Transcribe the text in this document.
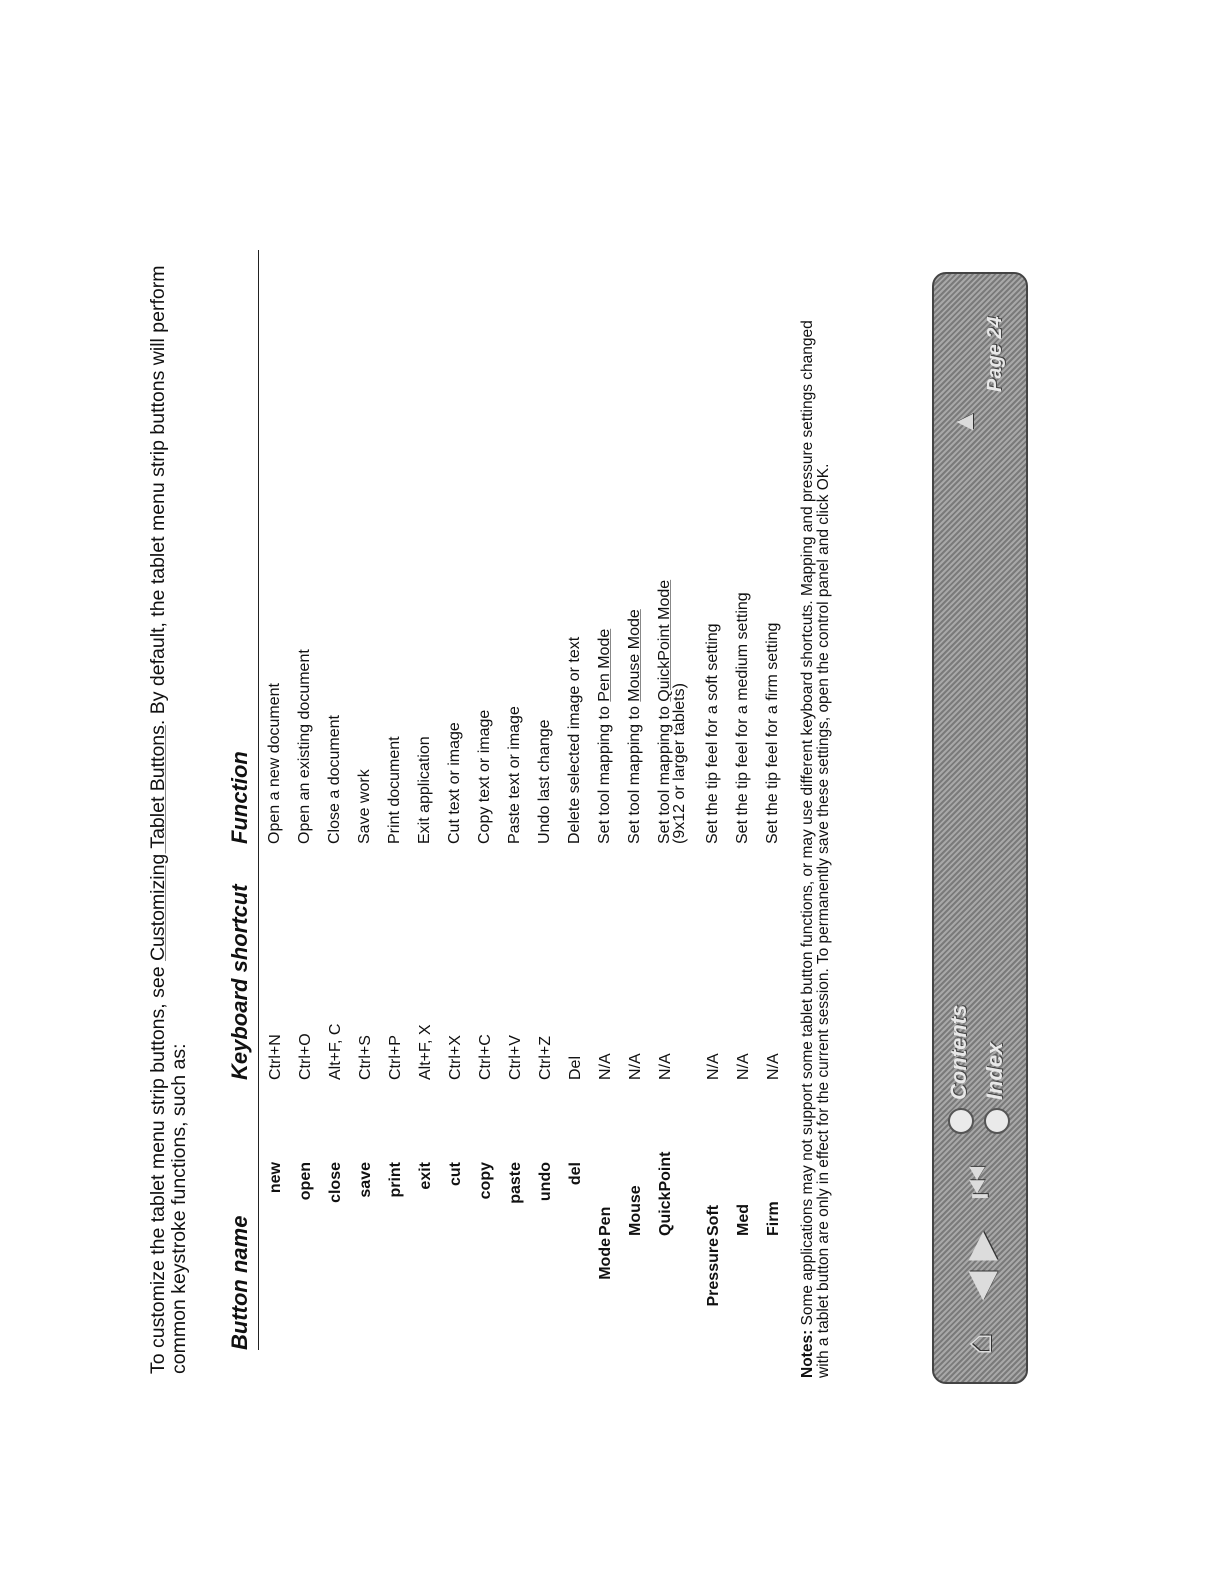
To customize the tablet menu strip buttons, see Customizing Tablet Buttons. By default, the tablet menu strip buttons will perform common keystroke functions, such as: Button name
Keyboard shortcut
Function
new
Ctrl+N
Open a new document
open
Ctrl+O
Open an existing document
close
Alt+F, C
Close a document
save
Ctrl+S
Save work
print
Ctrl+P
Print document
exit
Alt+F, X
Exit application
cut
Ctrl+X
Cut text or image
copy
Ctrl+C
Copy text or image
paste
Ctrl+V
Paste text or image
undo
Ctrl+Z
Undo last change
del
Del
Delete selected image or text
Mode
Pen
N/A
Set tool mapping to Pen Mode
Mouse
N/A
Set tool mapping to Mouse Mode
QuickPoint
N/A
Set tool mapping to QuickPoint Mode
(9x12 or larger tablets)
Pressure
Soft
N/A
Set the tip feel for a soft setting
Med
N/A
Set the tip feel for a medium setting
Firm
N/A
Set the tip feel for a firm setting
Notes: Some applications may not support some tablet button functions, or may use different keyboard shortcuts. Mapping and pressure settings changed with a tablet button are only in effect for the current session. To permanently save these settings, open the control panel and click OK.	⌂
◀
▶
⏮
Contents Index
▲
Page 24
